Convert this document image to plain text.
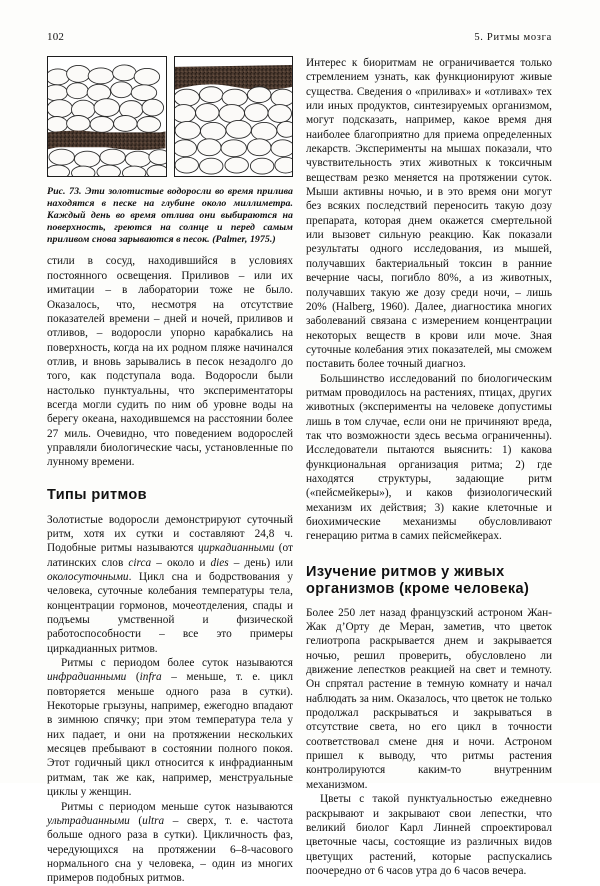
102	5. Ритмы мозга

Рис. 73. Эти золотистые водоросли во время прилива находятся в песке на глубине около миллиметра. Каждый день во время отлива они выбираются на поверхность, греются на солнце и перед самым приливом снова зарываются в песок. (Palmer, 1975.)

стили в сосуд, находившийся в условиях постоянного освещения. Приливов – или их имитации – в лаборатории тоже не было. Оказалось, что, несмотря на отсутствие показателей времени – дней и ночей, приливов и отливов, – водоросли упорно карабкались на поверхность, когда на их родном пляже начинался отлив, и вновь зарывались в песок незадолго до того, как подступала вода. Водоросли были настолько пунктуальны, что экспериментаторы всегда могли судить по ним об уровне воды на берегу океана, находившемся на расстоянии более 27 миль. Очевидно, что поведением водорослей управляли биологические часы, установленные по лунному времени.

Типы ритмов

Золотистые водоросли демонстрируют суточный ритм, хотя их сутки и составляют 24,8 ч. Подобные ритмы называются циркадианными (от латинских слов circa – около и dies – день) или околосуточными. Цикл сна и бодрствования у человека, суточные колебания температуры тела, концентрации гормонов, мочеотделения, спады и подъемы умственной и физической работоспособности – все это примеры циркадианных ритмов.

Ритмы с периодом более суток называются инфрадианными (infra – меньше, т. е. цикл повторяется меньше одного раза в сутки). Некоторые грызуны, например, ежегодно впадают в зимнюю спячку; при этом температура тела у них падает, и они на протяжении нескольких месяцев пребывают в состоянии полного покоя. Этот годичный цикл относится к инфрадианным ритмам, так же как, например, менструальные циклы у женщин.

Ритмы с периодом меньше суток называются ультрадианными (ultra – сверх, т. е. частота больше одного раза в сутки). Цикличность фаз, чередующихся на протяжении 6–8-часового нормального сна у человека, – один из многих примеров подобных ритмов.

Интерес к биоритмам не ограничивается только стремлением узнать, как функционируют живые существа. Сведения о «приливах» и «отливах» тех или иных продуктов, синтезируемых организмом, могут подсказать, например, какое время дня наиболее благоприятно для приема определенных лекарств. Эксперименты на мышах показали, что чувствительность этих животных к токсичным веществам резко меняется на протяжении суток. Мыши активны ночью, и в это время они могут без всяких последствий переносить такую дозу препарата, которая днем окажется смертельной или вызовет сильную реакцию. Как показали результаты одного исследования, из мышей, получавших бактериальный токсин в ранние вечерние часы, погибло 80%, а из животных, получавших такую же дозу среди ночи, – лишь 20% (Halberg, 1960). Далее, диагностика многих заболеваний связана с измерением концентрации некоторых веществ в крови или моче. Зная суточные колебания этих показателей, мы сможем поставить более точный диагноз.

Большинство исследований по биологическим ритмам проводилось на растениях, птицах, других животных (эксперименты на человеке допустимы лишь в том случае, если они не причиняют вреда, так что возможности здесь весьма ограниченны). Исследователи пытаются выяснить: 1) какова функциональная организация ритма; 2) где находятся структуры, задающие ритм («пейсмейкеры»), и каков физиологический механизм их действия; 3) какие клеточные и биохимические механизмы обусловливают генерацию ритма в самих пейсмейкерах.

Изучение ритмов у живых организмов (кроме человека)

Более 250 лет назад французский астроном Жан-Жак д’Орту де Меран, заметив, что цветок гелиотропа раскрывается днем и закрывается ночью, решил проверить, обусловлено ли движение лепестков реакцией на свет и темноту. Он спрятал растение в темную комнату и начал наблюдать за ним. Оказалось, что цветок не только продолжал раскрываться и закрываться в отсутствие света, но его цикл в точности соответствовал смене дня и ночи. Астроном пришел к выводу, что ритмы растения контролируются каким-то внутренним механизмом.

Цветы с такой пунктуальностью ежедневно раскрывают и закрывают свои лепестки, что великий биолог Карл Линней спроектировал цветочные часы, состоящие из различных видов цветущих растений, которые распускались поочередно от 6 часов утра до 6 часов вечера.
